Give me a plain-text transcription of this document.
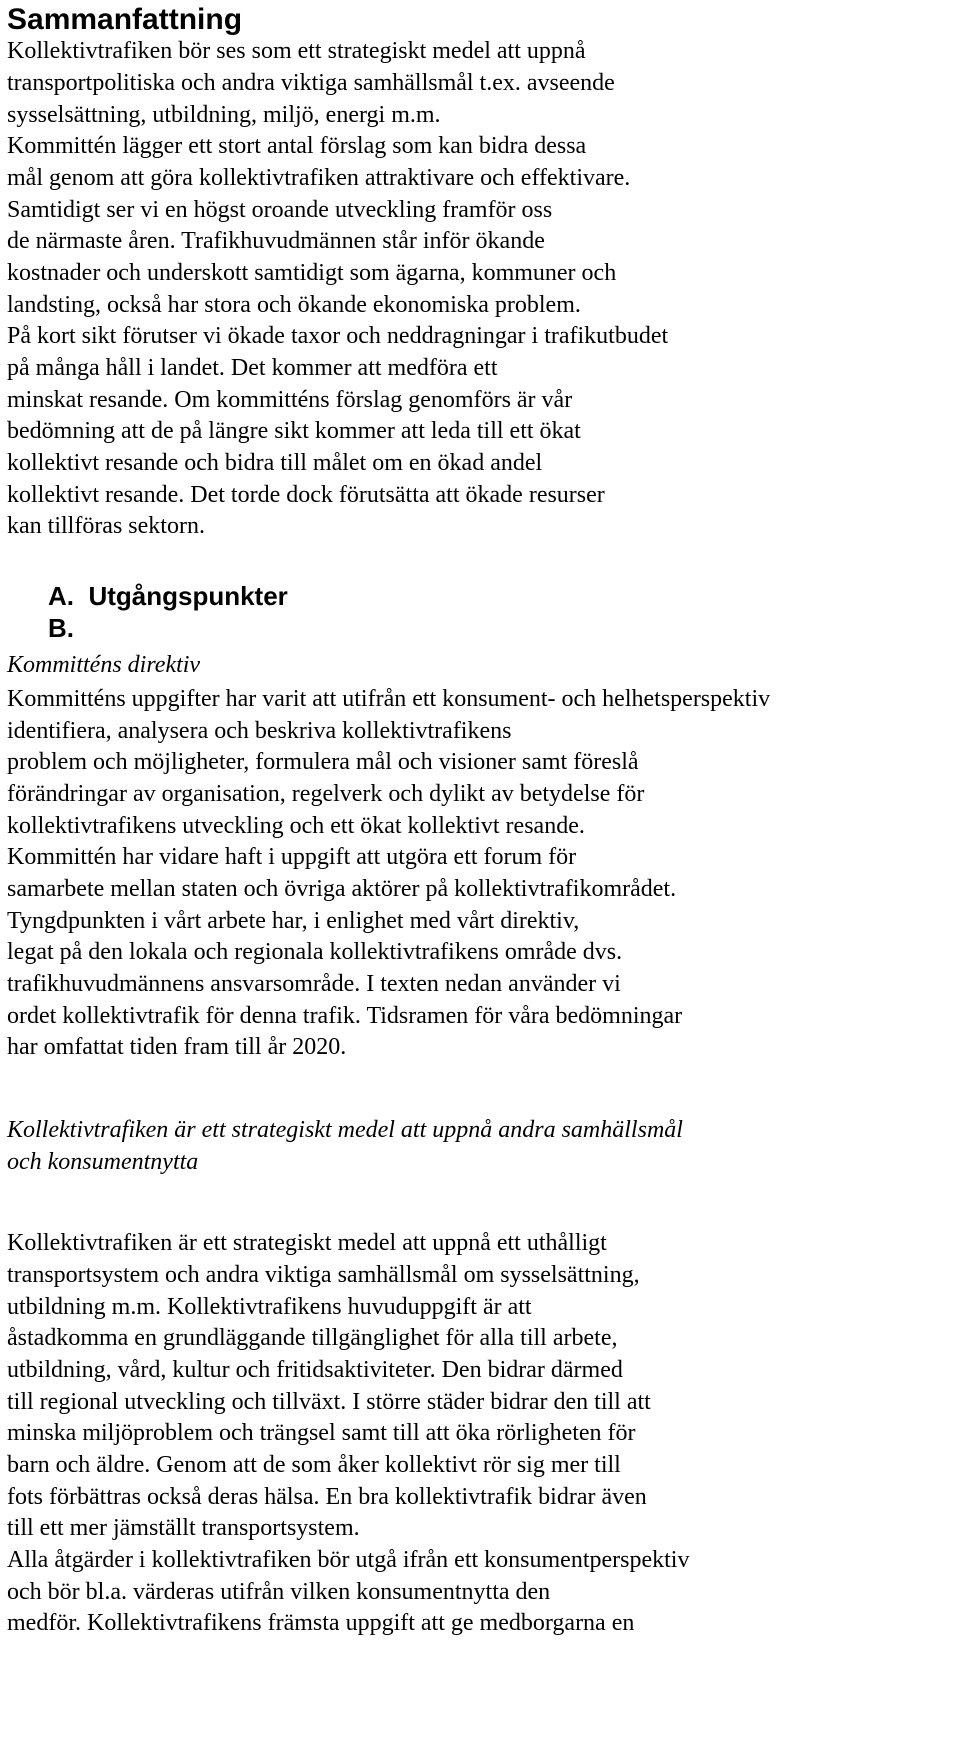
Sammanfattning
Kollektivtrafiken bör ses som ett strategiskt medel att uppnå
transportpolitiska och andra viktiga samhällsmål t.ex. avseende
sysselsättning, utbildning, miljö, energi m.m.
Kommittén lägger ett stort antal förslag som kan bidra dessa
mål genom att göra kollektivtrafiken attraktivare och effektivare.
Samtidigt ser vi en högst oroande utveckling framför oss
de närmaste åren. Trafikhuvudmännen står inför ökande
kostnader och underskott samtidigt som ägarna, kommuner och
landsting, också har stora och ökande ekonomiska problem.
På kort sikt förutser vi ökade taxor och neddragningar i trafikutbudet
på många håll i landet. Det kommer att medföra ett
minskat resande. Om kommitténs förslag genomförs är vår
bedömning att de på längre sikt kommer att leda till ett ökat
kollektivt resande och bidra till målet om en ökad andel
kollektivt resande. Det torde dock förutsätta att ökade resurser
kan tillföras sektorn.
A.  Utgångspunkter
B.
Kommitténs direktiv
Kommitténs uppgifter har varit att utifrån ett konsument- och helhetsperspektiv
identifiera, analysera och beskriva kollektivtrafikens
problem och möjligheter, formulera mål och visioner samt föreslå
förändringar av organisation, regelverk och dylikt av betydelse för
kollektivtrafikens utveckling och ett ökat kollektivt resande.
Kommittén har vidare haft i uppgift att utgöra ett forum för
samarbete mellan staten och övriga aktörer på kollektivtrafikområdet.
Tyngdpunkten i vårt arbete har, i enlighet med vårt direktiv,
legat på den lokala och regionala kollektivtrafikens område dvs.
trafikhuvudmännens ansvarsområde. I texten nedan använder vi
ordet kollektivtrafik för denna trafik. Tidsramen för våra bedömningar
har omfattat tiden fram till år 2020.
Kollektivtrafiken är ett strategiskt medel att uppnå andra samhällsmål
och konsumentnytta
Kollektivtrafiken är ett strategiskt medel att uppnå ett uthålligt
transportsystem och andra viktiga samhällsmål om sysselsättning,
utbildning m.m. Kollektivtrafikens huvuduppgift är att
åstadkomma en grundläggande tillgänglighet för alla till arbete,
utbildning, vård, kultur och fritidsaktiviteter. Den bidrar därmed
till regional utveckling och tillväxt. I större städer bidrar den till att
minska miljöproblem och trängsel samt till att öka rörligheten för
barn och äldre. Genom att de som åker kollektivt rör sig mer till
fots förbättras också deras hälsa. En bra kollektivtrafik bidrar även
till ett mer jämställt transportsystem.
Alla åtgärder i kollektivtrafiken bör utgå ifrån ett konsumentperspektiv
och bör bl.a. värderas utifrån vilken konsumentnytta den
medför. Kollektivtrafikens främsta uppgift att ge medborgarna en
